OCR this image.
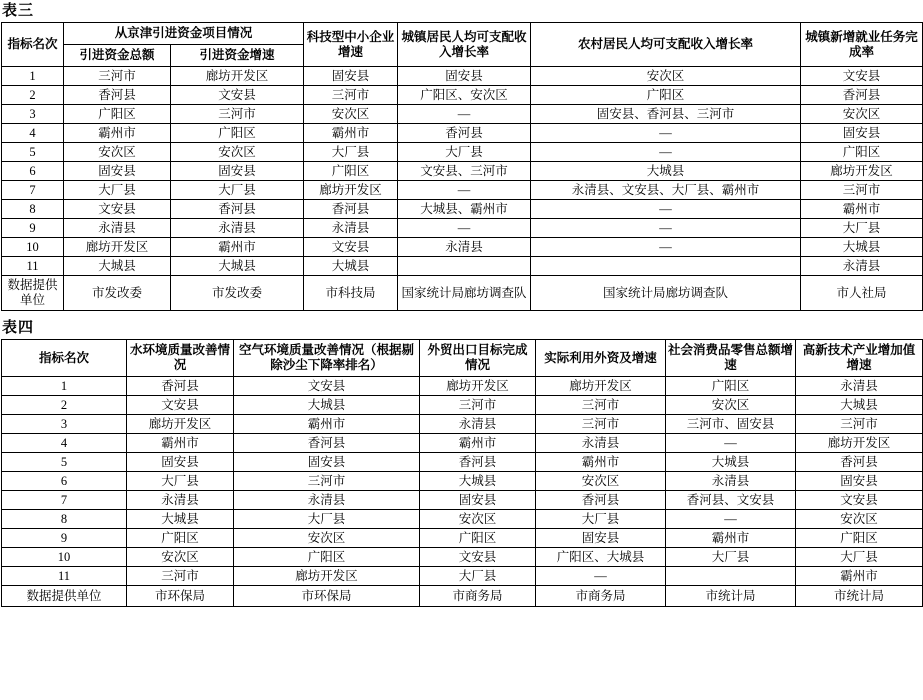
表三
指标名次	从京津引进资金项目情况		科技型中小企业增速	城镇居民人均可支配收入增长率	农村居民人均可支配收入增长率	城镇新增就业任务完成率
	引进资金总额	引进资金增速				
1	三河市	廊坊开发区	固安县	固安县	安次区	文安县
2	香河县	文安县	三河市	广阳区、安次区	广阳区	香河县
3	广阳区	三河市	安次区	—	固安县、香河县、三河市	安次区
4	霸州市	广阳区	霸州市	香河县	—	固安县
5	安次区	安次区	大厂县	大厂县	—	广阳区
6	固安县	固安县	广阳区	文安县、三河市	大城县	廊坊开发区
7	大厂县	大厂县	廊坊开发区	—	永清县、文安县、大厂县、霸州市	三河市
8	文安县	香河县	香河县	大城县、霸州市	—	霸州市
9	永清县	永清县	永清县	—	—	大厂县
10	廊坊开发区	霸州市	文安县	永清县	—	大城县
11	大城县	大城县	大城县			永清县
数据提供单位	市发改委	市发改委	市科技局	国家统计局廊坊调查队	国家统计局廊坊调查队	市人社局
表四
指标名次	水环境质量改善情况	空气环境质量改善情况（根据剔除沙尘下降率排名）	外贸出口目标完成情况	实际利用外资及增速	社会消费品零售总额增速	高新技术产业增加值增速
1	香河县	文安县	廊坊开发区	廊坊开发区	广阳区	永清县
2	文安县	大城县	三河市	三河市	安次区	大城县
3	廊坊开发区	霸州市	永清县	三河市	三河市、固安县	三河市
4	霸州市	香河县	霸州市	永清县	—	廊坊开发区
5	固安县	固安县	香河县	霸州市	大城县	香河县
6	大厂县	三河市	大城县	安次区	永清县	固安县
7	永清县	永清县	固安县	香河县	香河县、文安县	文安县
8	大城县	大厂县	安次区	大厂县	—	安次区
9	广阳区	安次区	广阳区	固安县	霸州市	广阳区
10	安次区	广阳区	文安县	广阳区、大城县	大厂县	大厂县
11	三河市	廊坊开发区	大厂县	—		霸州市
数据提供单位	市环保局	市环保局	市商务局	市商务局	市统计局	市统计局
